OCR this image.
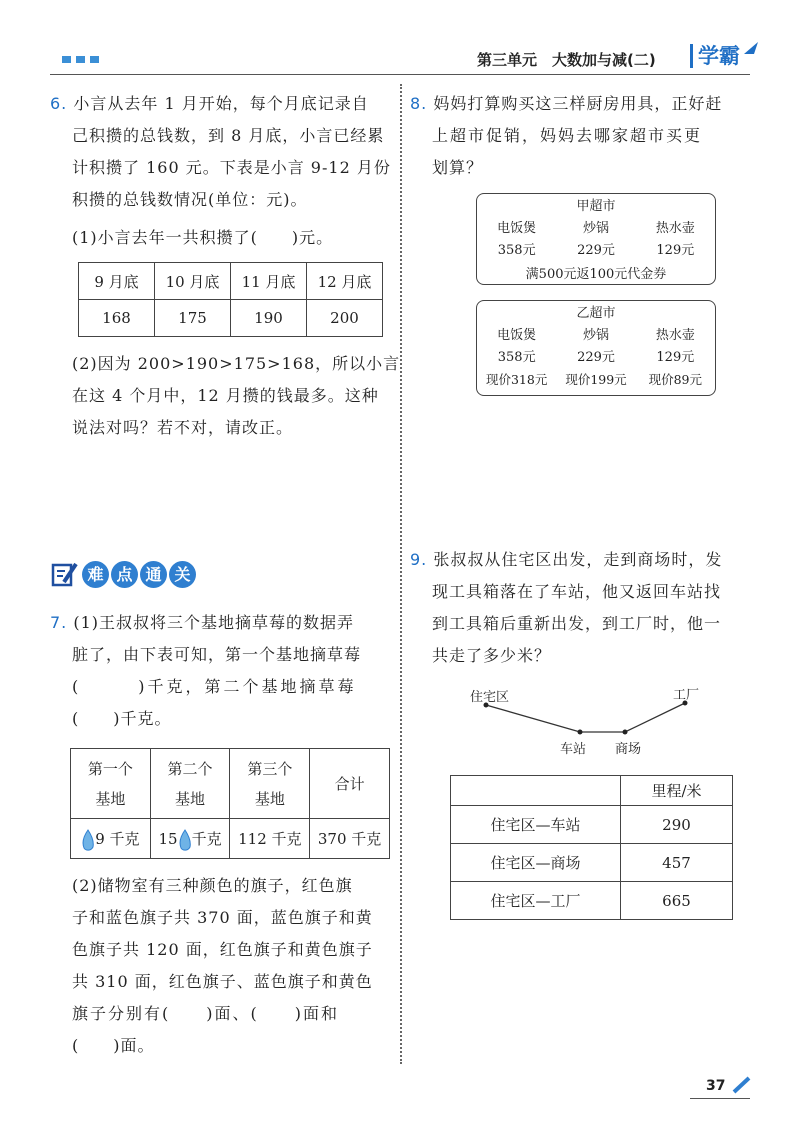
第三单元　大数加与减(二)	学霸
6. 小言从去年 1 月开始，每个月底记录自
己积攒的总钱数，到 8 月底，小言已经累
计积攒了 160 元。下表是小言 9-12 月份
积攒的总钱数情况(单位：元)。
(1)小言去年一共积攒了(　　)元。
9 月底	10 月底	11 月底	12 月底
168	175	190	200
(2)因为 200>190>175>168，所以小言
在这 4 个月中，12 月攒的钱最多。这种
说法对吗？若不对，请改正。
难 点 通 关
7. (1)王叔叔将三个基地摘草莓的数据弄
脏了，由下表可知，第一个基地摘草莓
(　　　)千克，第二个基地摘草莓
(　　)千克。
第一个
基地	第二个
基地	第三个
基地	合计
9 千克	15 千克	112 千克	370 千克
(2)储物室有三种颜色的旗子，红色旗
子和蓝色旗子共 370 面，蓝色旗子和黄
色旗子共 120 面，红色旗子和黄色旗子
共 310 面，红色旗子、蓝色旗子和黄色
旗子分别有(　　)面、(　　)面和
(　　)面。
8. 妈妈打算购买这三样厨房用具，正好赶
上超市促销，妈妈去哪家超市买更
划算？
甲超市
电饭煲	炒锅	热水壶
358元	229元	129元
满500元返100元代金券
乙超市
电饭煲	炒锅	热水壶
358元	229元	129元
现价318元	现价199元	现价89元
9. 张叔叔从住宅区出发，走到商场时，发
现工具箱落在了车站，他又返回车站找
到工具箱后重新出发，到工厂时，他一
共走了多少米？
住宅区	工厂
车站 商场
	里程/米
住宅区—车站	290
住宅区—商场	457
住宅区—工厂	665
37
